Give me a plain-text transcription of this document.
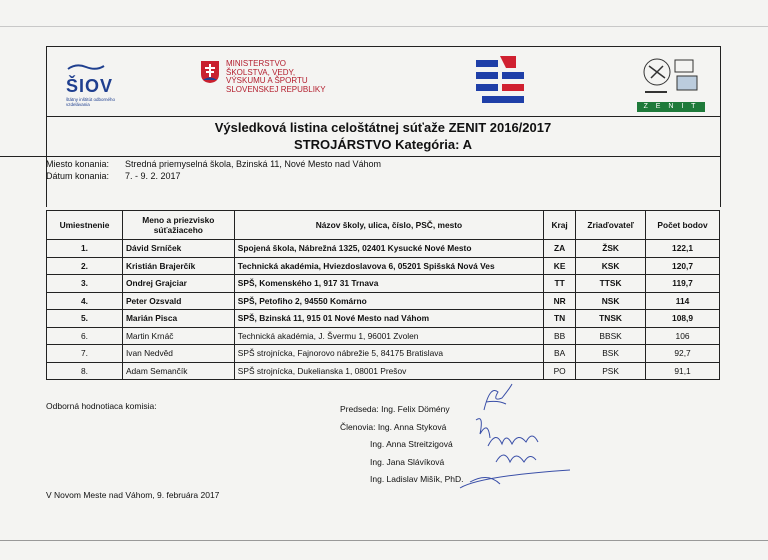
ŠIOV
štátny inštitút odborného vzdelávania
MINISTERSTVO
ŠKOLSTVA, VEDY,
VÝSKUMU A ŠPORTU
SLOVENSKEJ REPUBLIKY
Z E N I T
Výsledková listina celoštátnej súťaže ZENIT 2016/2017
STROJÁRSTVO Kategória: A
Miesto konania:	Stredná priemyselná škola, Bzinská 11, Nové Mesto nad Váhom
Dátum konania:	7. - 9. 2. 2017
Umiestnenie	Meno a priezvisko súťažiaceho	Názov školy, ulica, číslo, PSČ, mesto	Kraj	Zriaďovateľ	Počet bodov
1.	Dávid Srníček	Spojená škola, Nábrežná 1325, 02401 Kysucké Nové Mesto	ZA	ŽSK	122,1
2.	Kristián Brajerčík	Technická akadémia, Hviezdoslavova 6, 05201 Spišská Nová Ves	KE	KSK	120,7
3.	Ondrej Grajciar	SPŠ, Komenského 1, 917 31 Trnava	TT	TTSK	119,7
4.	Peter Ozsvald	SPŠ, Petofiho 2, 94550 Komárno	NR	NSK	114
5.	Marián Pisca	SPŠ, Bzinská 11, 915 01 Nové Mesto nad Váhom	TN	TNSK	108,9
6.	Martin Krnáč	Technická akadémia, J. Švermu 1, 96001 Zvolen	BB	BBSK	106
7.	Ivan Nedvěd	SPŠ strojnícka, Fajnorovo nábrežie 5, 84175 Bratislava	BA	BSK	92,7
8.	Adam Semančík	SPŠ strojnícka, Dukelianska 1, 08001 Prešov	PO	PSK	91,1
Odborná hodnotiaca komisia:	Predseda: Ing. Felix Dömény
Členovia: Ing. Anna Styková
Ing. Anna Streitzigová
Ing. Jana Slávíková
Ing. Ladislav Mišík, PhD.
V Novom Meste nad Váhom, 9. februára 2017
